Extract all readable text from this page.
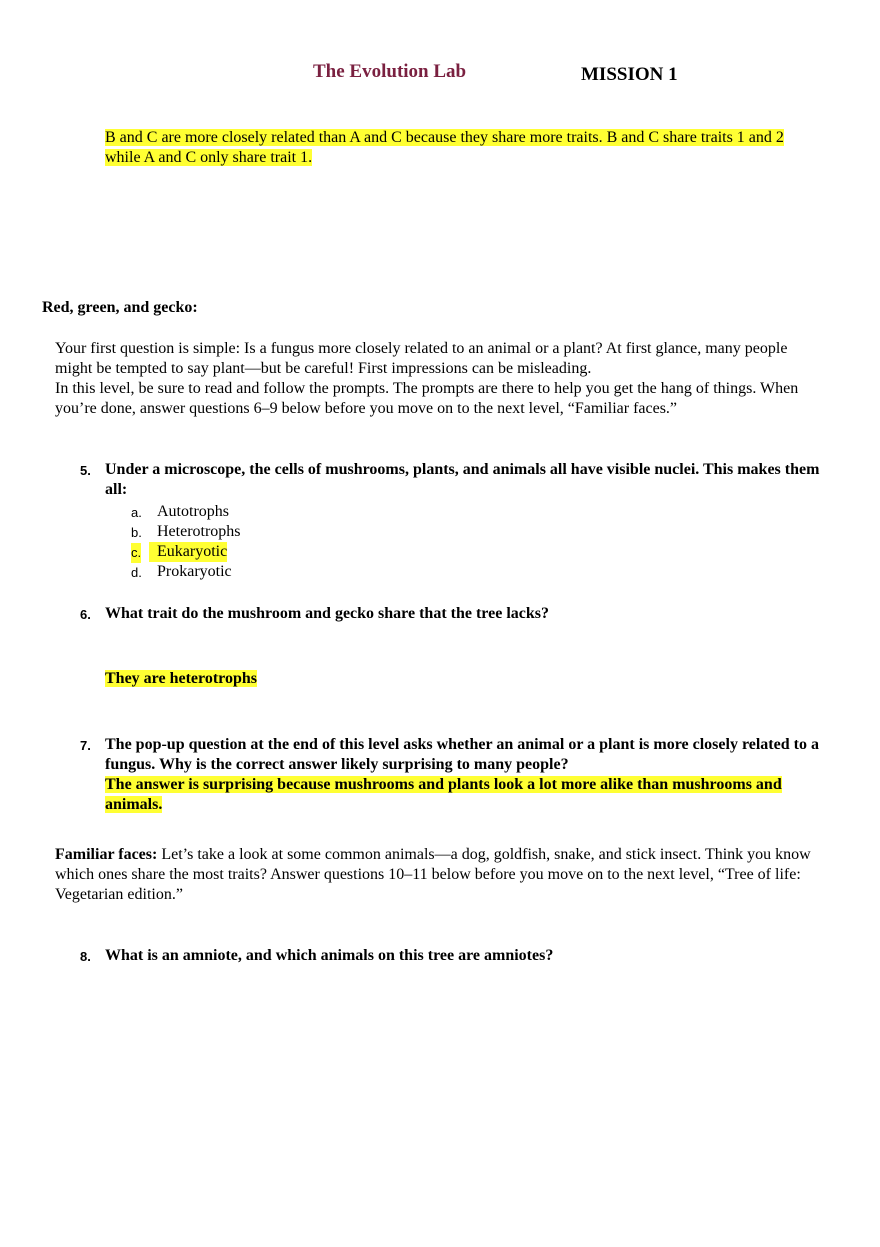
The Evolution Lab	MISSION 1
B and C are more closely related than A and C because they share more traits. B and C share traits 1 and 2 while A and C only share trait 1.
Red, green, and gecko:
Your first question is simple: Is a fungus more closely related to an animal or a plant? At first glance, many people might be tempted to say plant—but be careful! First impressions can be misleading.
In this level, be sure to read and follow the prompts. The prompts are there to help you get the hang of things. When you’re done, answer questions 6–9 below before you move on to the next level, “Familiar faces.”
5. Under a microscope, the cells of mushrooms, plants, and animals all have visible nuclei. This makes them all:
a. Autotrophs
b. Heterotrophs
c. Eukaryotic
d. Prokaryotic
6. What trait do the mushroom and gecko share that the tree lacks?
They are heterotrophs
7. The pop-up question at the end of this level asks whether an animal or a plant is more closely related to a fungus. Why is the correct answer likely surprising to many people?
The answer is surprising because mushrooms and plants look a lot more alike than mushrooms and animals.
Familiar faces: Let’s take a look at some common animals—a dog, goldfish, snake, and stick insect. Think you know which ones share the most traits? Answer questions 10–11 below before you move on to the next level, “Tree of life:
Vegetarian edition.”
8. What is an amniote, and which animals on this tree are amniotes?
